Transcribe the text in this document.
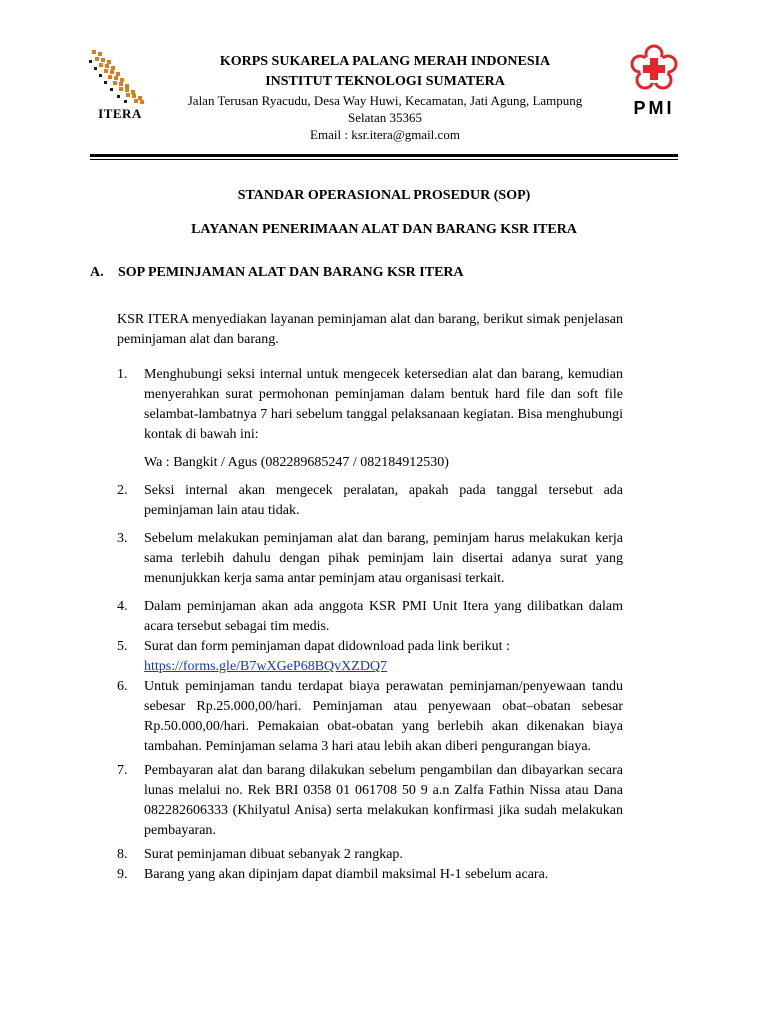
ITERA
KORPS SUKARELA PALANG MERAH INDONESIA
INSTITUT TEKNOLOGI SUMATERA
Jalan Terusan Ryacudu, Desa Way Huwi, Kecamatan, Jati Agung, Lampung
Selatan 35365
Email : ksr.itera@gmail.com
PMI
STANDAR OPERASIONAL PROSEDUR (SOP)
LAYANAN PENERIMAAN ALAT DAN BARANG KSR ITERA
A. SOP PEMINJAMAN ALAT DAN BARANG KSR ITERA
KSR ITERA menyediakan layanan peminjaman alat dan barang, berikut simak penjelasan peminjaman alat dan barang.
1.	Menghubungi seksi internal untuk mengecek ketersedian alat dan barang, kemudian menyerahkan surat permohonan peminjaman dalam bentuk hard file dan soft file selambat-lambatnya 7 hari sebelum tanggal pelaksanaan kegiatan. Bisa menghubungi kontak di bawah ini:
Wa : Bangkit / Agus (082289685247 / 082184912530)
2.	Seksi internal akan mengecek peralatan, apakah pada tanggal tersebut ada peminjaman lain atau tidak.
3.	Sebelum melakukan peminjaman alat dan barang, peminjam harus melakukan kerja sama terlebih dahulu dengan pihak peminjam lain disertai adanya surat yang menunjukkan kerja sama antar peminjam atau organisasi terkait.
4.	Dalam peminjaman akan ada anggota KSR PMI Unit Itera yang dilibatkan dalam acara tersebut sebagai tim medis.
5.	Surat dan form peminjaman dapat didownload pada link berikut :
https://forms.gle/B7wXGeP68BQvXZDQ7
6.	Untuk peminjaman tandu terdapat biaya perawatan peminjaman/penyewaan tandu sebesar Rp.25.000,00/hari. Peminjaman atau penyewaan obat–obatan sebesar Rp.50.000,00/hari. Pemakaian obat-obatan yang berlebih akan dikenakan biaya tambahan. Peminjaman selama 3 hari atau lebih akan diberi pengurangan biaya.
7.	Pembayaran alat dan barang dilakukan sebelum pengambilan dan dibayarkan secara lunas melalui no. Rek BRI 0358 01 061708 50 9 a.n Zalfa Fathin Nissa atau Dana 082282606333 (Khilyatul Anisa) serta melakukan konfirmasi jika sudah melakukan pembayaran.
8.	Surat peminjaman dibuat sebanyak 2 rangkap.
9.	Barang yang akan dipinjam dapat diambil maksimal H-1 sebelum acara.
